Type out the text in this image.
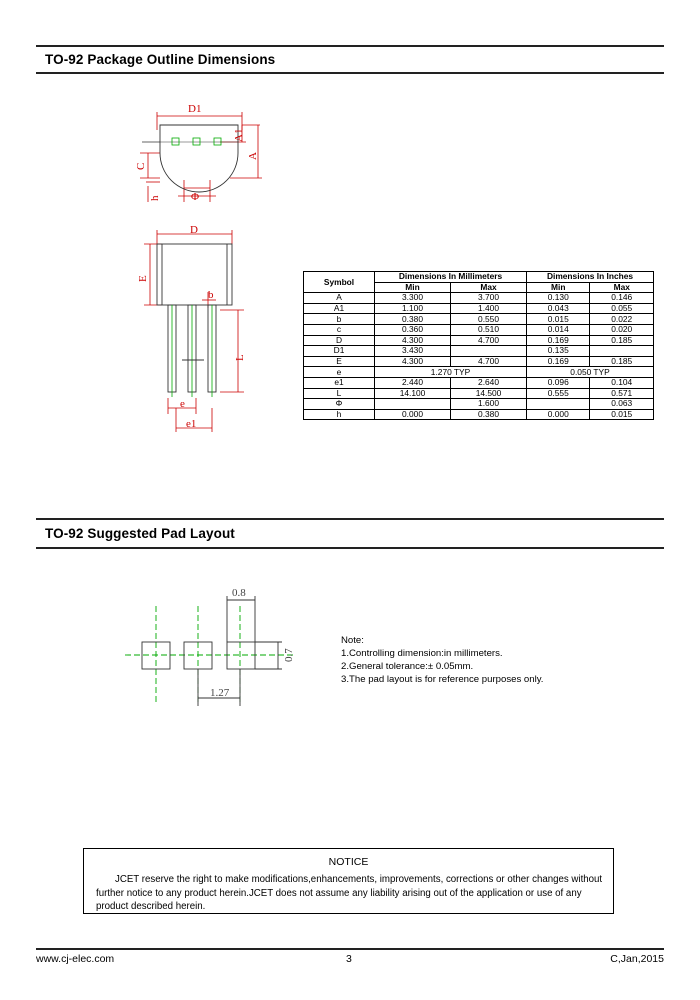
TO-92 Package Outline Dimensions
D1
A1
A
C
h	Φ
D
E
b
L
e
e1
Symbol	Dimensions In Millimeters		Dimensions In Inches	
	Min	Max	Min	Max
A	3.300	3.700	0.130	0.146
A1	1.100	1.400	0.043	0.055
b	0.380	0.550	0.015	0.022
c	0.360	0.510	0.014	0.020
D	4.300	4.700	0.169	0.185
D1	3.430		0.135	
E	4.300	4.700	0.169	0.185
e	1.270 TYP		0.050 TYP	
e1	2.440	2.640	0.096	0.104
L	14.100	14.500	0.555	0.571
Φ		1.600		0.063
h	0.000	0.380	0.000	0.015
TO-92 Suggested Pad Layout
0.8
0.7
1.27
Note:
1.Controlling dimension:in millimeters.
2.General tolerance:± 0.05mm.
3.The pad layout is for reference purposes only.
NOTICE
JCET reserve the right to make modifications,enhancements, improvements, corrections or other changes without further notice to any product herein.JCET does not assume any liability arising out of the application or use of any product described herein.
www.cj-elec.com	3	C,Jan,2015
